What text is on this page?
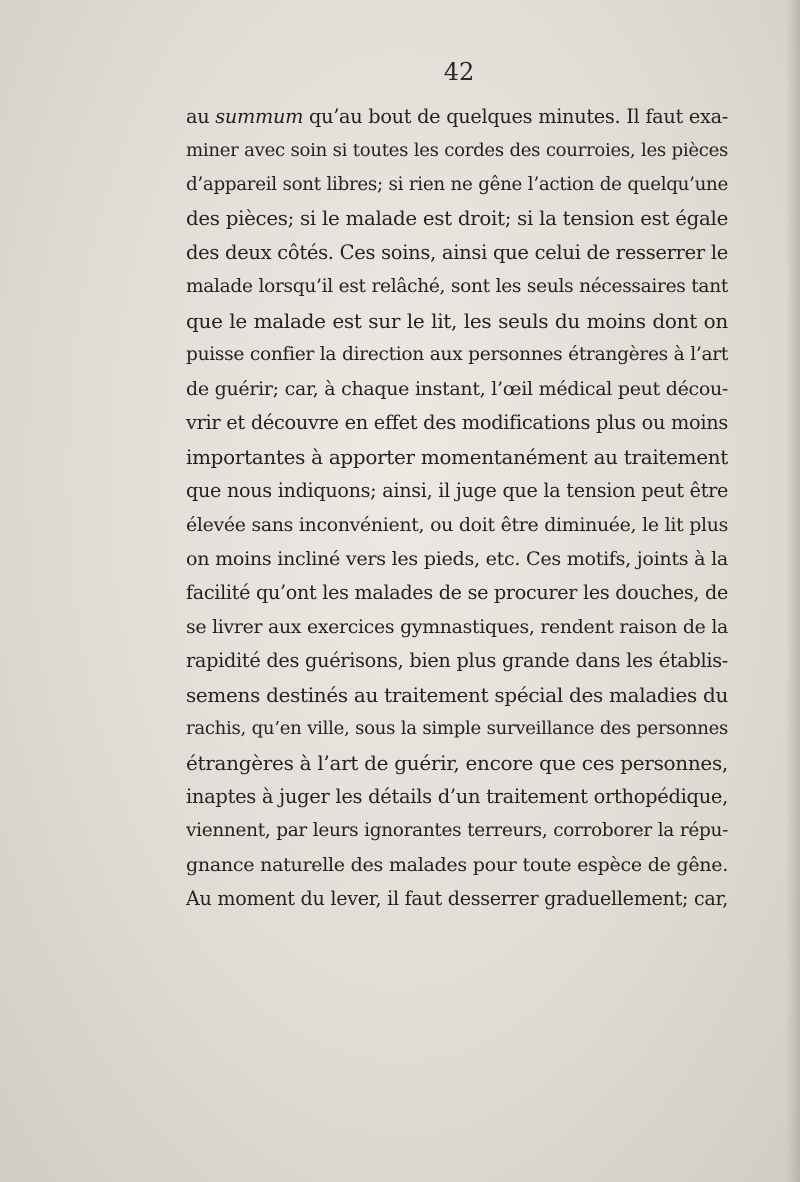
42
au summum qu’au bout de quelques minutes. Il faut exa-
miner avec soin si toutes les cordes des courroies, les pièces
d’appareil sont libres; si rien ne gêne l’action de quelqu’une
des pièces; si le malade est droit; si la tension est égale
des deux côtés. Ces soins, ainsi que celui de resserrer le
malade lorsqu’il est relâché, sont les seuls nécessaires tant
que le malade est sur le lit, les seuls du moins dont on
puisse confier la direction aux personnes étrangères à l’art
de guérir; car, à chaque instant, l’œil médical peut décou-
vrir et découvre en effet des modifications plus ou moins
importantes à apporter momentanément au traitement
que nous indiquons; ainsi, il juge que la tension peut être
élevée sans inconvénient, ou doit être diminuée, le lit plus
on moins incliné vers les pieds, etc. Ces motifs, joints à la
facilité qu’ont les malades de se procurer les douches, de
se livrer aux exercices gymnastiques, rendent raison de la
rapidité des guérisons, bien plus grande dans les établis-
semens destinés au traitement spécial des maladies du
rachis, qu’en ville, sous la simple surveillance des personnes
étrangères à l’art de guérir, encore que ces personnes,
inaptes à juger les détails d’un traitement orthopédique,
viennent, par leurs ignorantes terreurs, corroborer la répu-
gnance naturelle des malades pour toute espèce de gêne.
Au moment du lever, il faut desserrer graduellement; car,
